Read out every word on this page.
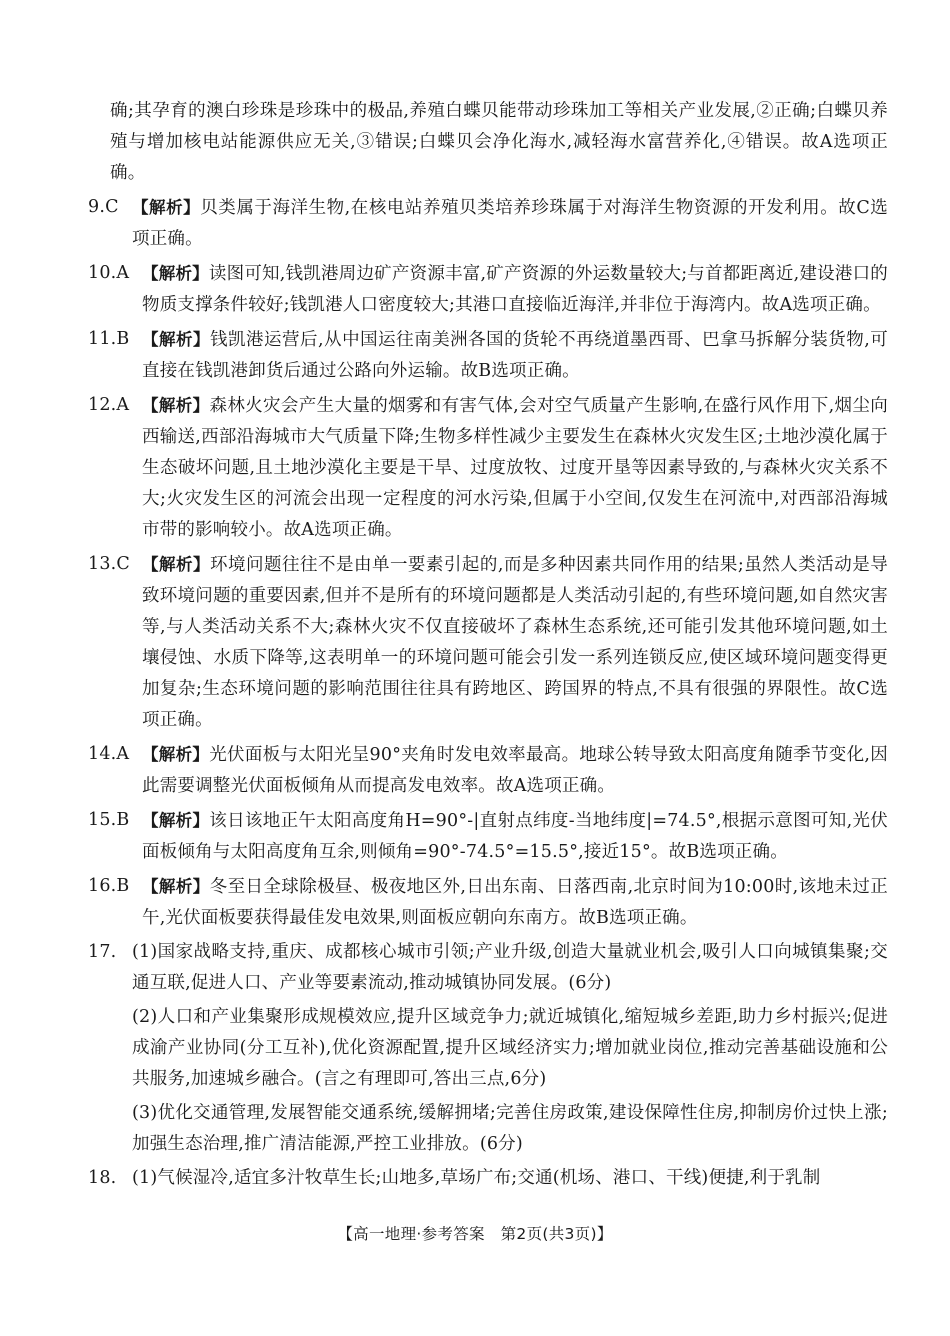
确;其孕育的澳白珍珠是珍珠中的极品,养殖白蝶贝能带动珍珠加工等相关产业发展,②正确;白蝶贝养殖与增加核电站能源供应无关,③错误;白蝶贝会净化海水,减轻海水富营养化,④错误。故A选项正确。
9.C 【解析】贝类属于海洋生物,在核电站养殖贝类培养珍珠属于对海洋生物资源的开发利用。故C选项正确。
10.A 【解析】读图可知,钱凯港周边矿产资源丰富,矿产资源的外运数量较大;与首都距离近,建设港口的物质支撑条件较好;钱凯港人口密度较大;其港口直接临近海洋,并非位于海湾内。故A选项正确。
11.B 【解析】钱凯港运营后,从中国运往南美洲各国的货轮不再绕道墨西哥、巴拿马拆解分装货物,可直接在钱凯港卸货后通过公路向外运输。故B选项正确。
12.A 【解析】森林火灾会产生大量的烟雾和有害气体,会对空气质量产生影响,在盛行风作用下,烟尘向西输送,西部沿海城市大气质量下降;生物多样性减少主要发生在森林火灾发生区;土地沙漠化属于生态破坏问题,且土地沙漠化主要是干旱、过度放牧、过度开垦等因素导致的,与森林火灾关系不大;火灾发生区的河流会出现一定程度的河水污染,但属于小空间,仅发生在河流中,对西部沿海城市带的影响较小。故A选项正确。
13.C 【解析】环境问题往往不是由单一要素引起的,而是多种因素共同作用的结果;虽然人类活动是导致环境问题的重要因素,但并不是所有的环境问题都是人类活动引起的,有些环境问题,如自然灾害等,与人类活动关系不大;森林火灾不仅直接破坏了森林生态系统,还可能引发其他环境问题,如土壤侵蚀、水质下降等,这表明单一的环境问题可能会引发一系列连锁反应,使区域环境问题变得更加复杂;生态环境问题的影响范围往往具有跨地区、跨国界的特点,不具有很强的界限性。故C选项正确。
14.A 【解析】光伏面板与太阳光呈90°夹角时发电效率最高。地球公转导致太阳高度角随季节变化,因此需要调整光伏面板倾角从而提高发电效率。故A选项正确。
15.B 【解析】该日该地正午太阳高度角H=90°-|直射点纬度-当地纬度|=74.5°,根据示意图可知,光伏面板倾角与太阳高度角互余,则倾角=90°-74.5°=15.5°,接近15°。故B选项正确。
16.B 【解析】冬至日全球除极昼、极夜地区外,日出东南、日落西南,北京时间为10:00时,该地未过正午,光伏面板要获得最佳发电效果,则面板应朝向东南方。故B选项正确。
17. (1)国家战略支持,重庆、成都核心城市引领;产业升级,创造大量就业机会,吸引人口向城镇集聚;交通互联,促进人口、产业等要素流动,推动城镇协同发展。(6分)
(2)人口和产业集聚形成规模效应,提升区域竞争力;就近城镇化,缩短城乡差距,助力乡村振兴;促进成渝产业协同(分工互补),优化资源配置,提升区域经济实力;增加就业岗位,推动完善基础设施和公共服务,加速城乡融合。(言之有理即可,答出三点,6分)
(3)优化交通管理,发展智能交通系统,缓解拥堵;完善住房政策,建设保障性住房,抑制房价过快上涨;加强生态治理,推广清洁能源,严控工业排放。(6分)
18. (1)气候湿冷,适宜多汁牧草生长;山地多,草场广布;交通(机场、港口、干线)便捷,利于乳制
【高一地理·参考答案　第2页(共3页)】
